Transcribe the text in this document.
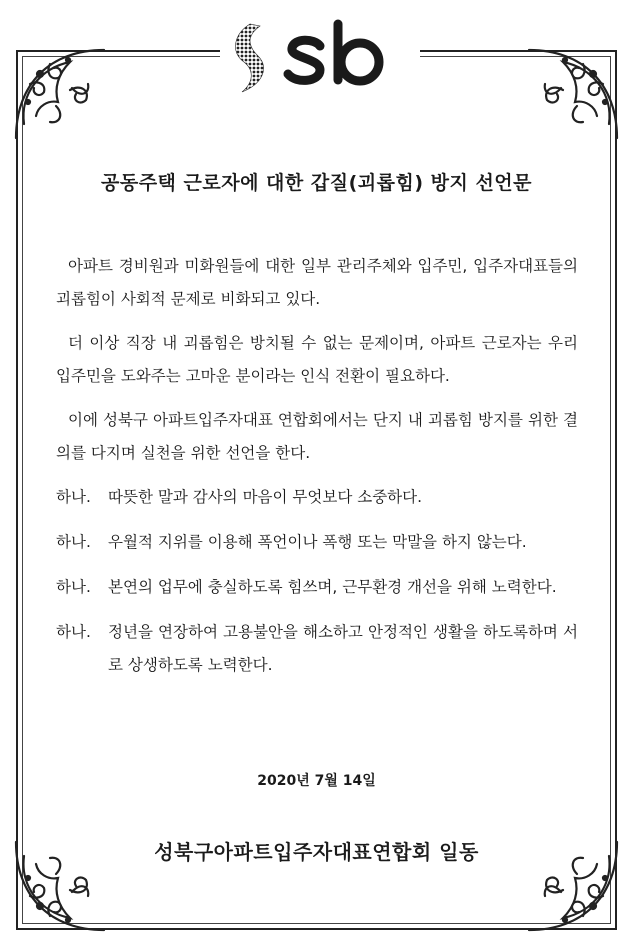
공동주택 근로자에 대한 갑질(괴롭힘) 방지 선언문

아파트 경비원과 미화원들에 대한 일부 관리주체와 입주민, 입주자대표들의 괴롭힘이 사회적 문제로 비화되고 있다.

더 이상 직장 내 괴롭힘은 방치될 수 없는 문제이며, 아파트 근로자는 우리 입주민을 도와주는 고마운 분이라는 인식 전환이 필요하다.

이에 성북구 아파트입주자대표 연합회에서는 단지 내 괴롭힘 방지를 위한 결의를 다지며 실천을 위한 선언을 한다.

하나.	따뜻한 말과 감사의 마음이 무엇보다 소중하다.
하나.	우월적 지위를 이용해 폭언이나 폭행 또는 막말을 하지 않는다.
하나.	본연의 업무에 충실하도록 힘쓰며, 근무환경 개선을 위해 노력한다.
하나.	정년을 연장하여 고용불안을 해소하고 안정적인 생활을 하도록하며 서로 상생하도록 노력한다.
2020년 7월 14일
성북구아파트입주자대표연합회 일동
